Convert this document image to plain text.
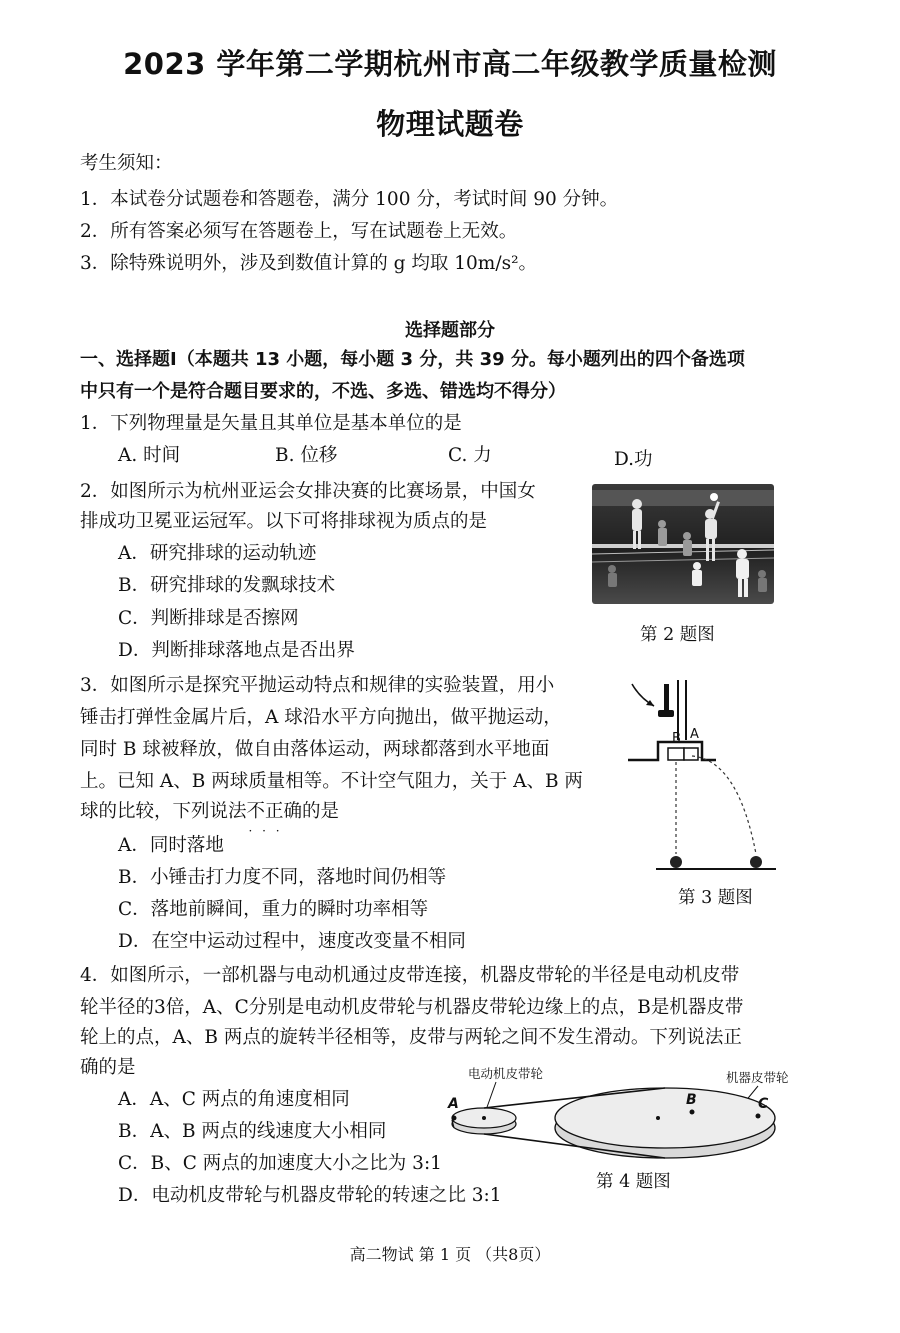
2023 学年第二学期杭州市高二年级教学质量检测
物理试题卷
考生须知：
1．本试卷分试题卷和答题卷，满分 100 分，考试时间 90 分钟。
2．所有答案必须写在答题卷上，写在试题卷上无效。
3．除特殊说明外，涉及到数值计算的 g 均取 10m/s²。
选择题部分
一、选择题Ⅰ（本题共 13 小题，每小题 3 分，共 39 分。每小题列出的四个备选项
中只有一个是符合题目要求的，不选、多选、错选均不得分）
1．下列物理量是矢量且其单位是基本单位的是
A. 时间	B. 位移	C. 力	D.功
2．如图所示为杭州亚运会女排决赛的比赛场景，中国女
排成功卫冕亚运冠军。以下可将排球视为质点的是
A．研究排球的运动轨迹
B．研究排球的发飘球技术
C．判断排球是否擦网
D．判断排球落地点是否出界
第 2 题图
3．如图所示是探究平抛运动特点和规律的实验装置，用小
锤击打弹性金属片后，A 球沿水平方向抛出，做平抛运动，
同时 B 球被释放，做自由落体运动，两球都落到水平地面
上。已知 A、B 两球质量相等。不计空气阻力，关于 A、B 两
球的比较，下列说法不正确 · · ·的是
A．同时落地
B．小锤击打力度不同，落地时间仍相等
C．落地前瞬间，重力的瞬时功率相等
D．在空中运动过程中，速度改变量不相同
B A
第 3 题图
4．如图所示，一部机器与电动机通过皮带连接，机器皮带轮的半径是电动机皮带
轮半径的3倍，A、C分别是电动机皮带轮与机器皮带轮边缘上的点，B是机器皮带
轮上的点，A、B 两点的旋转半径相等，皮带与两轮之间不发生滑动。下列说法正
确的是
A．A、C 两点的角速度相同
B．A、B 两点的线速度大小相同
C．B、C 两点的加速度大小之比为 3:1
D．电动机皮带轮与机器皮带轮的转速之比 3:1
电动机皮带轮	机器皮带轮
A	B	C
第 4 题图
高二物试 第 1 页 （共8页）
